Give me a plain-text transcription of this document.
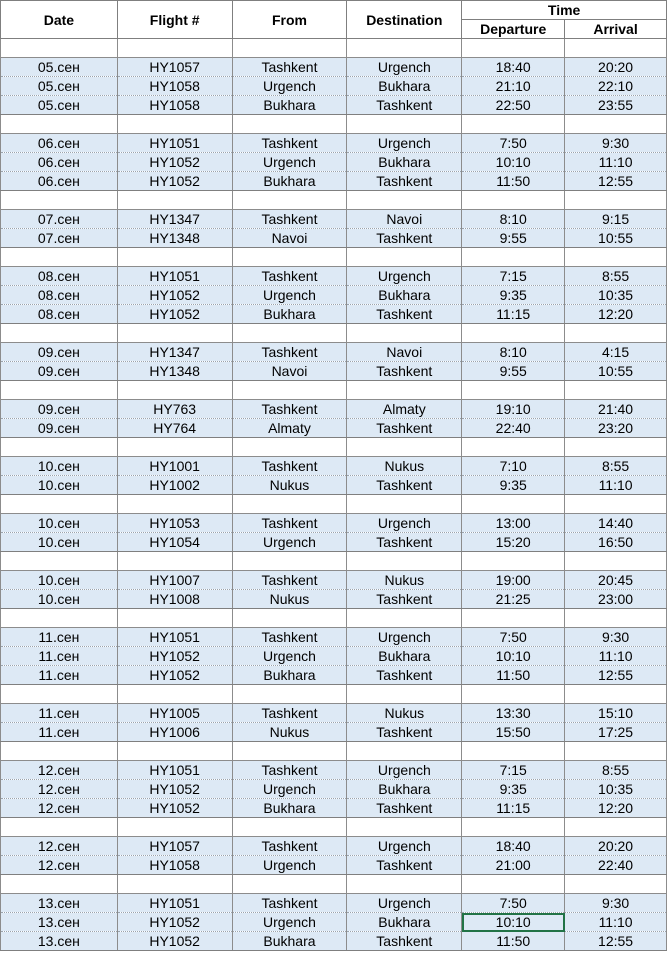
Date	Flight #	From	Destination	Time	
				Departure	Arrival

05.сен	HY1057	Tashkent	Urgench	18:40	20:20
05.сен	HY1058	Urgench	Bukhara	21:10	22:10
05.сен	HY1058	Bukhara	Tashkent	22:50	23:55

06.сен	HY1051	Tashkent	Urgench	7:50	9:30
06.сен	HY1052	Urgench	Bukhara	10:10	11:10
06.сен	HY1052	Bukhara	Tashkent	11:50	12:55

07.сен	HY1347	Tashkent	Navoi	8:10	9:15
07.сен	HY1348	Navoi	Tashkent	9:55	10:55

08.сен	HY1051	Tashkent	Urgench	7:15	8:55
08.сен	HY1052	Urgench	Bukhara	9:35	10:35
08.сен	HY1052	Bukhara	Tashkent	11:15	12:20

09.сен	HY1347	Tashkent	Navoi	8:10	4:15
09.сен	HY1348	Navoi	Tashkent	9:55	10:55

09.сен	HY763	Tashkent	Almaty	19:10	21:40
09.сен	HY764	Almaty	Tashkent	22:40	23:20

10.сен	HY1001	Tashkent	Nukus	7:10	8:55
10.сен	HY1002	Nukus	Tashkent	9:35	11:10

10.сен	HY1053	Tashkent	Urgench	13:00	14:40
10.сен	HY1054	Urgench	Tashkent	15:20	16:50

10.сен	HY1007	Tashkent	Nukus	19:00	20:45
10.сен	HY1008	Nukus	Tashkent	21:25	23:00

11.сен	HY1051	Tashkent	Urgench	7:50	9:30
11.сен	HY1052	Urgench	Bukhara	10:10	11:10
11.сен	HY1052	Bukhara	Tashkent	11:50	12:55

11.сен	HY1005	Tashkent	Nukus	13:30	15:10
11.сен	HY1006	Nukus	Tashkent	15:50	17:25

12.сен	HY1051	Tashkent	Urgench	7:15	8:55
12.сен	HY1052	Urgench	Bukhara	9:35	10:35
12.сен	HY1052	Bukhara	Tashkent	11:15	12:20

12.сен	HY1057	Tashkent	Urgench	18:40	20:20
12.сен	HY1058	Urgench	Tashkent	21:00	22:40

13.сен	HY1051	Tashkent	Urgench	7:50	9:30
13.сен	HY1052	Urgench	Bukhara	10:10	11:10
13.сен	HY1052	Bukhara	Tashkent	11:50	12:55
